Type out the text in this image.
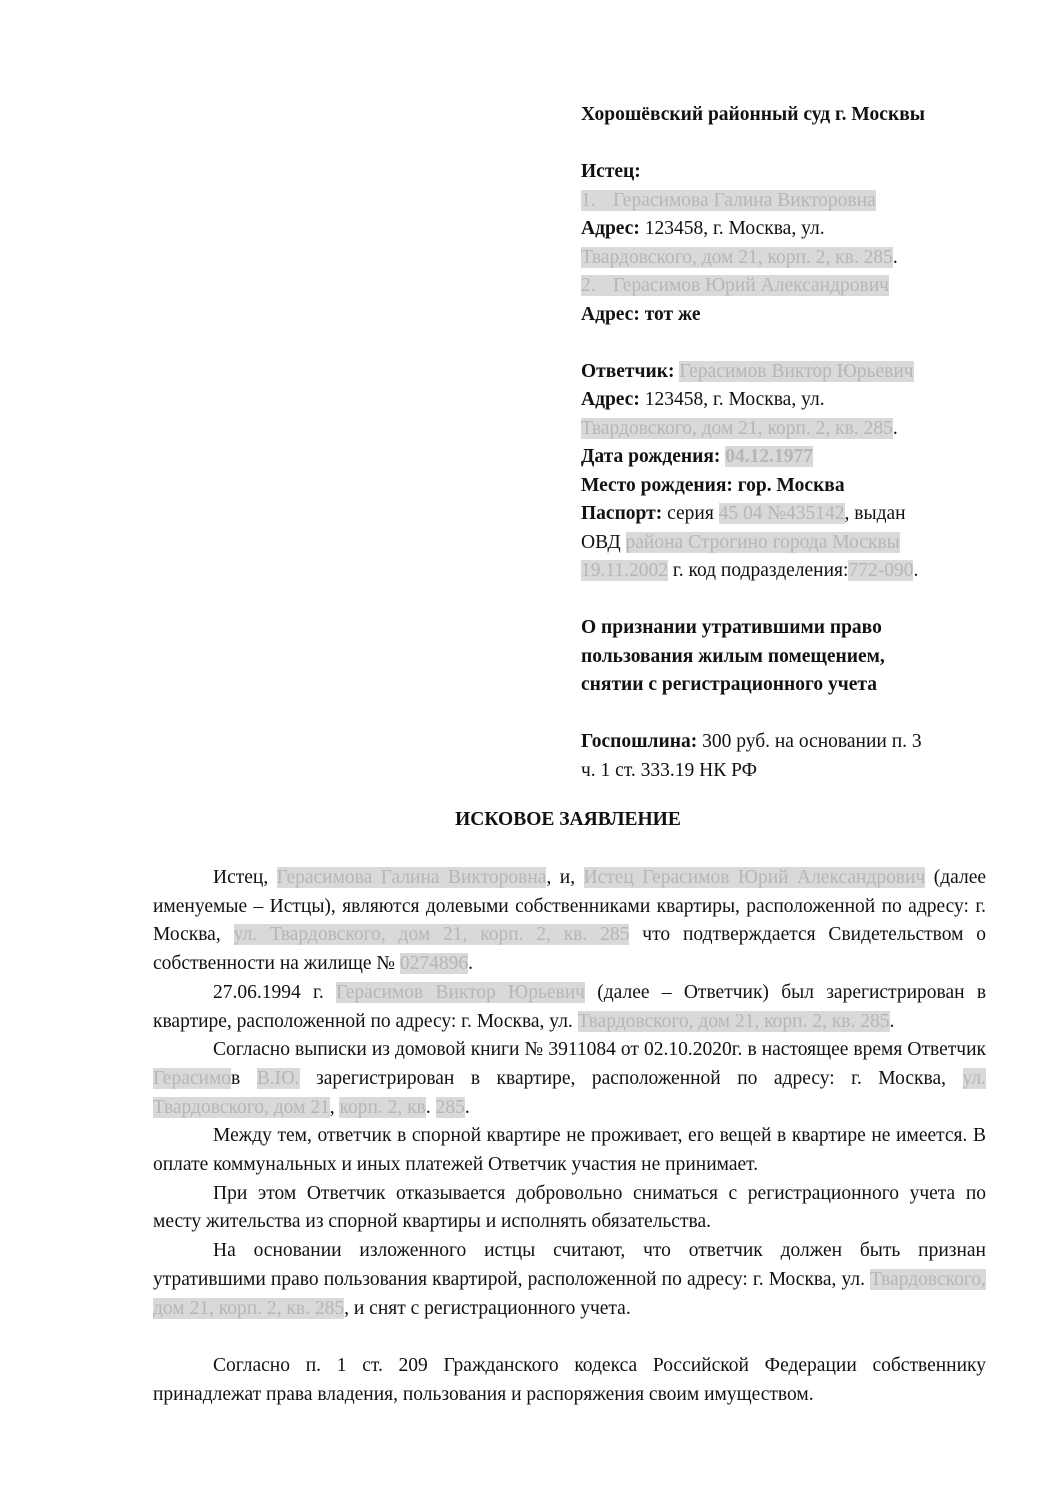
Хорошёвский районный суд г. Москвы
Истец:
1. Герасимова Галина Викторовна
Адрес: 123458, г. Москва, ул.
Твардовского, дом 21, корп. 2, кв. 285.
2. Герасимов Юрий Александрович
Адрес: тот же
Ответчик: Герасимов Виктор Юрьевич
Адрес: 123458, г. Москва, ул.
Твардовского, дом 21, корп. 2, кв. 285.
Дата рождения: 04.12.1977
Место рождения: гор. Москва
Паспорт: серия 45 04 №435142, выдан
ОВД района Строгино города Москвы
19.11.2002 г. код подразделения:772-090.
О признании утратившими право
пользования жилым помещением,
снятии с регистрационного учета
Госпошлина: 300 руб. на основании п. 3
ч. 1 ст. 333.19 НК РФ
ИСКОВОЕ ЗАЯВЛЕНИЕ

Истец, Герасимова Галина Викторовна, и, Истец Герасимов Юрий Александрович (далее именуемые – Истцы), являются долевыми собственниками квартиры, расположенной по адресу: г. Москва, ул. Твардовского, дом 21, корп. 2, кв. 285 что подтверждается Свидетельством о собственности на жилище № 0274896.

27.06.1994 г. Герасимов Виктор Юрьевич (далее – Ответчик) был зарегистрирован в квартире, расположенной по адресу: г. Москва, ул. Твардовского, дом 21, корп. 2, кв. 285.

Согласно выписки из домовой книги № 3911084 от 02.10.2020г. в настоящее время Ответчик Герасимов В.Ю. зарегистрирован в квартире, расположенной по адресу: г. Москва, ул. Твардовского, дом 21, корп. 2, кв. 285.

Между тем, ответчик в спорной квартире не проживает, его вещей в квартире не имеется. В оплате коммунальных и иных платежей Ответчик участия не принимает.

При этом Ответчик отказывается добровольно сниматься с регистрационного учета по месту жительства из спорной квартиры и исполнять обязательства.

На основании изложенного истцы считают, что ответчик должен быть признан утратившими право пользования квартирой, расположенной по адресу: г. Москва, ул. Твардовского, дом 21, корп. 2, кв. 285, и снят с регистрационного учета.

Согласно п. 1 ст. 209 Гражданского кодекса Российской Федерации собственнику принадлежат права владения, пользования и распоряжения своим имуществом.
